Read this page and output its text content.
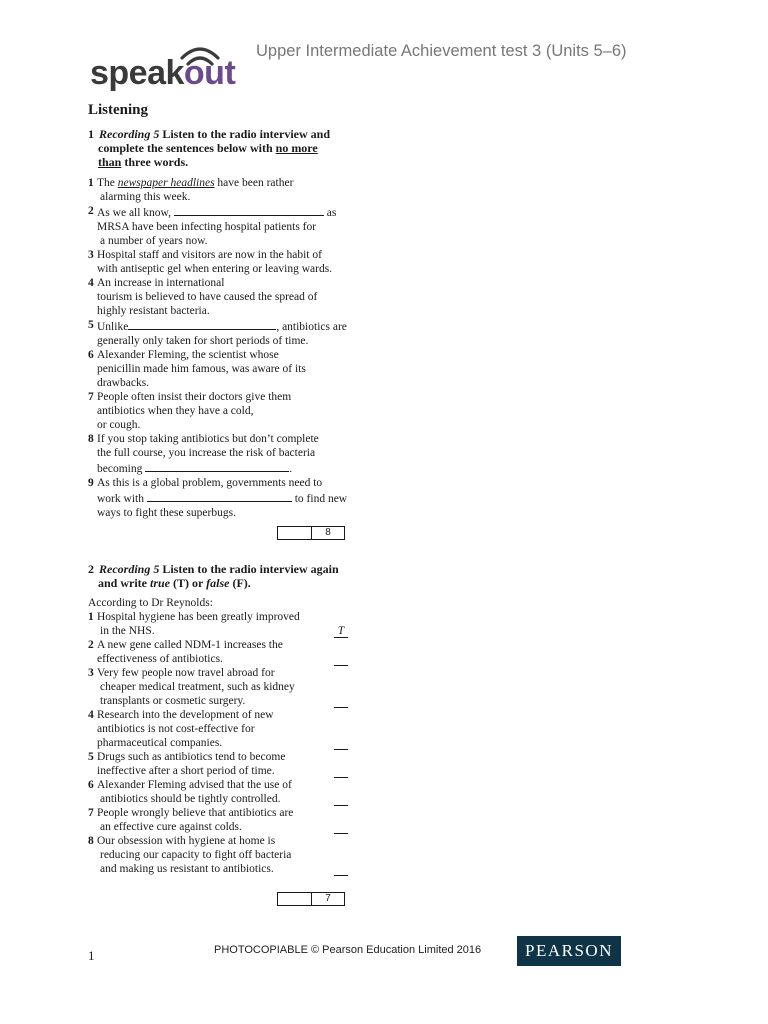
speakout
Upper Intermediate Achievement test 3 (Units 5–6)
Listening
1 Recording 5 Listen to the radio interview and
complete the sentences below with no more
than three words.
1 The newspaper headlines have been rather
alarming this week.
2 As we all know,	as
MRSA have been infecting hospital patients for
a number of years now.
3 Hospital staff and visitors are now in the habit of
with antiseptic gel when entering or leaving wards.
4 An increase in international
tourism is believed to have caused the spread of
highly resistant bacteria.
5 Unlike	, antibiotics are
generally only taken for short periods of time.
6 Alexander Fleming, the scientist whose
penicillin made him famous, was aware of its
drawbacks.
7 People often insist their doctors give them
antibiotics when they have a cold,
or cough.
8 If you stop taking antibiotics but don’t complete
the full course, you increase the risk of bacteria
becoming	.
9 As this is a global problem, governments need to
work with	to find new
ways to fight these superbugs.
8
2 Recording 5 Listen to the radio interview again
and write true (T) or false (F).
According to Dr Reynolds:
1 Hospital hygiene has been greatly improved
in the NHS.
2 A new gene called NDM-1 increases the
effectiveness of antibiotics.
3 Very few people now travel abroad for
cheaper medical treatment, such as kidney
transplants or cosmetic surgery.
4 Research into the development of new
antibiotics is not cost-effective for
pharmaceutical companies.
5 Drugs such as antibiotics tend to become
ineffective after a short period of time.
6 Alexander Fleming advised that the use of
antibiotics should be tightly controlled.
7 People wrongly believe that antibiotics are
an effective cure against colds.
8 Our obsession with hygiene at home is
reducing our capacity to fight off bacteria
and making us resistant to antibiotics.
T
7
1	PHOTOCOPIABLE © Pearson Education Limited 2016	PEARSON
